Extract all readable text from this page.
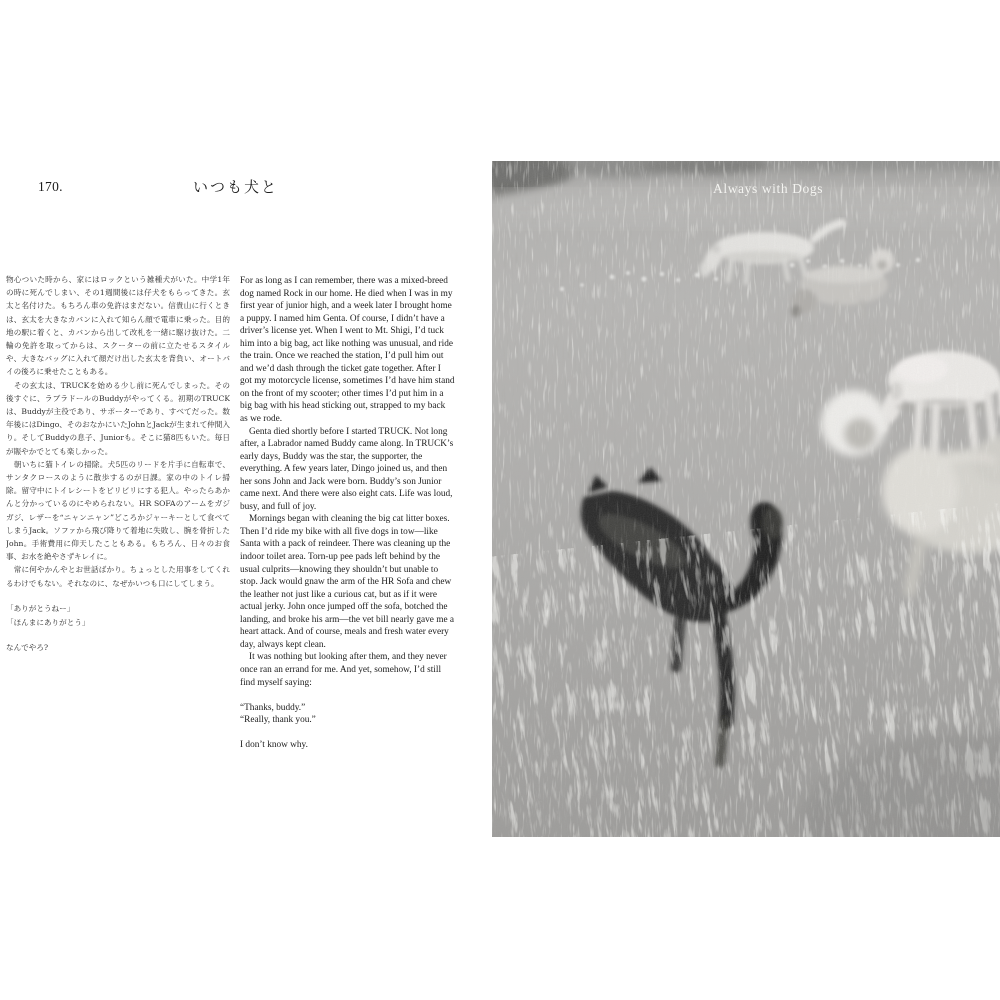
170.	いつも犬と

物心ついた時から、家にはロックという雑種犬がいた。中学1年の時に死んでしまい、その1週間後には仔犬をもらってきた。玄太と名付けた。もちろん車の免許はまだない。信貴山に行くときは、玄太を大きなカバンに入れて知らん顔で電車に乗った。目的地の駅に着くと、カバンから出して改札を一緒に駆け抜けた。二輪の免許を取ってからは、スクーターの前に立たせるスタイルや、大きなバッグに入れて顔だけ出した玄太を背負い、オートバイの後ろに乗せたこともある。

　その玄太は、TRUCKを始める少し前に死んでしまった。その後すぐに、ラブラドールのBuddyがやってくる。初期のTRUCKは、Buddyが主役であり、サポーターであり、すべてだった。数年後にはDingo、そのおなかにいたJohnとJackが生まれて仲間入り。そしてBuddyの息子、Juniorも。そこに猫8匹もいた。毎日が賑やかでとても楽しかった。

　朝いちに猫トイレの掃除。犬5匹のリードを片手に自転車で、サンタクロースのように散歩するのが日課。家の中のトイレ掃除。留守中にトイレシートをビリビリにする犯人。やったらあかんと分かっているのにやめられない。HR SOFAのアームをガジガジ、レザーを“ニャンニャン”どころかジャーキーとして食べてしまうJack。ソファから飛び降りて着地に失敗し、腕を骨折したJohn。手術費用に仰天したこともある。もちろん、日々のお食事、お水を絶やさずキレイに。

　常に何やかんやとお世話ばかり。ちょっとした用事をしてくれるわけでもない。それなのに、なぜかいつも口にしてしまう。

「ありがとうねー」

「ほんまにありがとう」

なんでやろ?

For as long as I can remember, there was a mixed-breed dog named Rock in our home. He died when I was in my first year of junior high, and a week later I brought home a puppy. I named him Genta. Of course, I didn’t have a driver’s license yet. When I went to Mt. Shigi, I’d tuck him into a big bag, act like nothing was unusual, and ride the train. Once we reached the station, I’d pull him out and we’d dash through the ticket gate together. After I got my motorcycle license, sometimes I’d have him stand on the front of my scooter; other times I’d put him in a big bag with his head sticking out, strapped to my back as we rode.

Genta died shortly before I started TRUCK. Not long after, a Labrador named Buddy came along. In TRUCK’s early days, Buddy was the star, the supporter, the everything. A few years later, Dingo joined us, and then her sons John and Jack were born. Buddy’s son Junior came next. And there were also eight cats. Life was loud, busy, and full of joy.

Mornings began with cleaning the big cat litter boxes. Then I’d ride my bike with all five dogs in tow—like Santa with a pack of reindeer. There was cleaning up the indoor toilet area. Torn-up pee pads left behind by the usual culprits—knowing they shouldn’t but unable to stop. Jack would gnaw the arm of the HR Sofa and chew the leather not just like a curious cat, but as if it were actual jerky. John once jumped off the sofa, botched the landing, and broke his arm—the vet bill nearly gave me a heart attack. And of course, meals and fresh water every day, always kept clean.

It was nothing but looking after them, and they never once ran an errand for me. And yet, somehow, I’d still find myself saying:

“Thanks, buddy.”

“Really, thank you.”

I don’t know why.

Always with Dogs
